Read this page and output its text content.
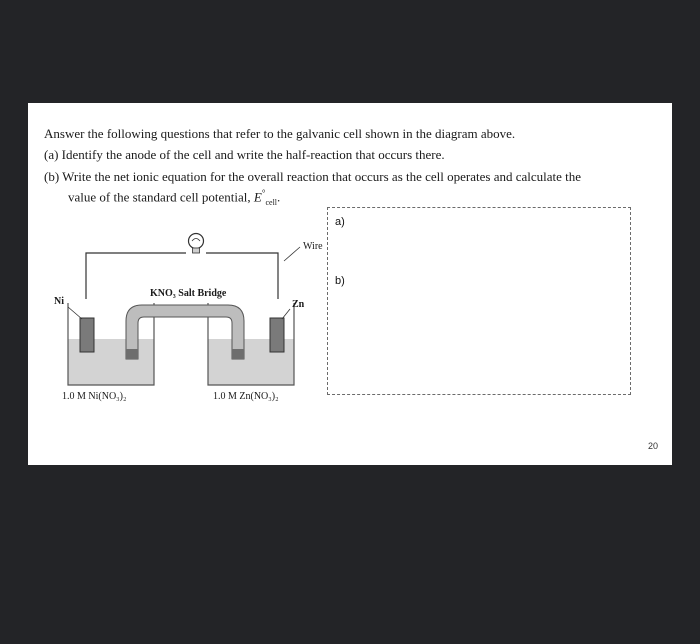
Answer the following questions that refer to the galvanic cell shown in the diagram above.
(a) Identify the anode of the cell and write the half-reaction that occurs there.
(b) Write the net ionic equation for the overall reaction that occurs as the cell operates and calculate the
value of the standard cell potential, $E^\circ_{cell}$.
Wire
Ni	Zn
KNO₃ Salt Bridge
1.0 M Ni(NO₃)₂	1.0 M Zn(NO₃)₂
a)
b)
20
